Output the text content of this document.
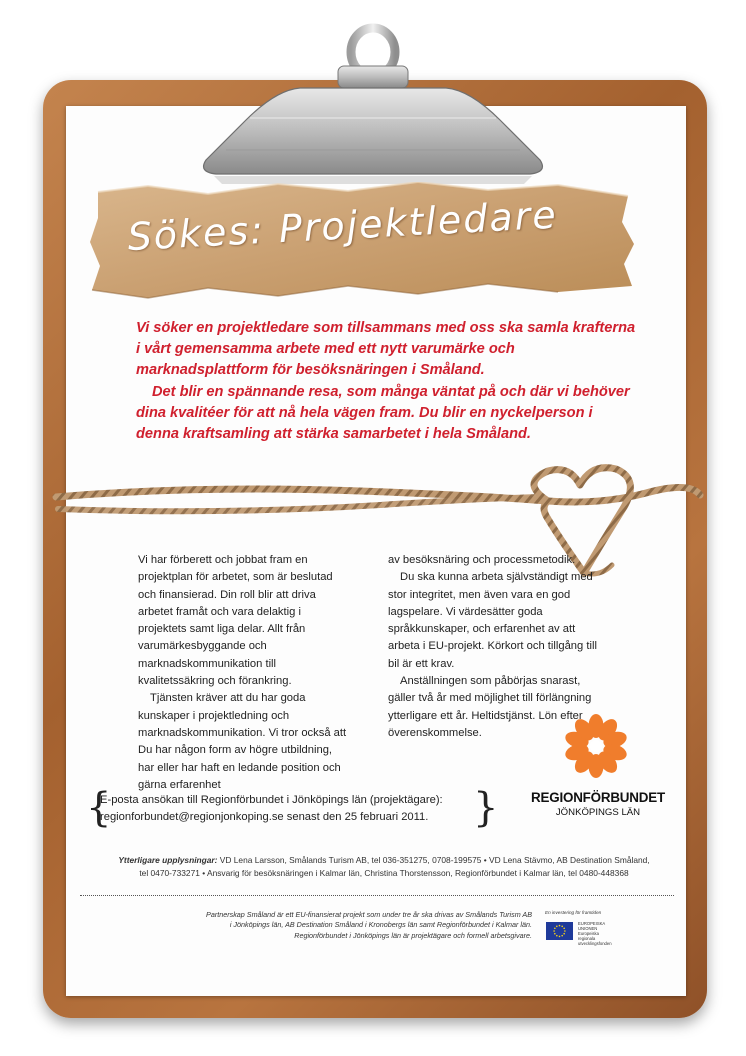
Sökes: Projektledare
Vi söker en projektledare som tillsammans med oss ska samla krafterna i vårt gemensamma arbete med ett nytt varumärke och marknadsplattform för besöksnäringen i Småland.
Det blir en spännande resa, som många väntat på och där vi behöver dina kvalitéer för att nå hela vägen fram. Du blir en nyckelperson i denna kraftsamling att stärka samarbetet i hela Småland.

Vi har förberett och jobbat fram en projektplan för arbetet, som är beslutad och finansierad. Din roll blir att driva arbetet framåt och vara delaktig i projektets samt liga delar. Allt från varumärkesbyggande och marknadskommunikation till kvalitetssäkring och förankring.

Tjänsten kräver att du har goda kunskaper i projektledning och marknadskommunikation. Vi tror också att Du har någon form av högre utbildning, har eller har haft en ledande position och gärna erfarenhet

av besöksnäring och processmetodik.

Du ska kunna arbeta självständigt med stor integritet, men även vara en god lagspelare. Vi värdesätter goda språkkunskaper, och erfarenhet av att arbeta i EU-projekt. Körkort och tillgång till bil är ett krav.

Anställningen som påbörjas snarast, gäller två år med möjlighet till förlängning ytterligare ett år. Heltidstjänst. Lön efter överenskommelse.

REGIONFÖRBUNDET
JÖNKÖPINGS LÄN
{
E-posta ansökan till Regionförbundet i Jönköpings län (projektägare):
regionforbundet@regionjonkoping.se senast den 25 februari 2011.	}
Ytterligare upplysningar: VD Lena Larsson, Smålands Turism AB, tel 036-351275, 0708-199575 • VD Lena Stävmo, AB Destination Småland,
tel 0470-733271 • Ansvarig för besöksnäringen i Kalmar län, Christina Thorstensson, Regionförbundet i Kalmar län, tel 0480-448368
Partnerskap Småland är ett EU-finansierat projekt som under tre år ska drivas av Smålands Turism AB
i Jönköpings län, AB Destination Småland i Kronobergs län samt Regionförbundet i Kalmar län.
Regionförbundet i Jönköpings län är projektägare och formell arbetsgivare.
En investering för framtiden
EUROPEISKA
UNIONEN
Europeiska
regionala
utvecklingsfonden
